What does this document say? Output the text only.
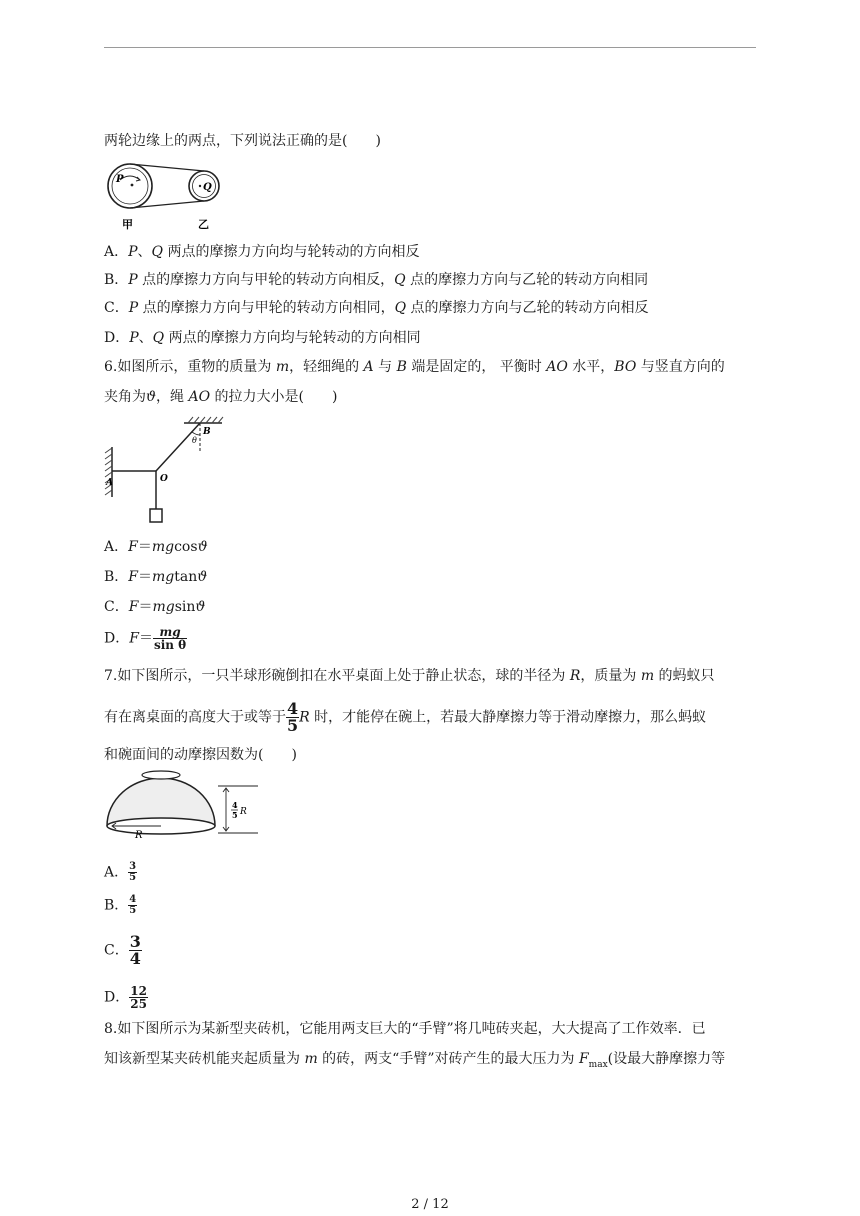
两轮边缘上的两点，下列说法正确的是(　　)
P
Q
甲	乙
A．P、Q 两点的摩擦力方向均与轮转动的方向相反
B．P 点的摩擦力方向与甲轮的转动方向相反，Q 点的摩擦力方向与乙轮的转动方向相同
C．P 点的摩擦力方向与甲轮的转动方向相同，Q 点的摩擦力方向与乙轮的转动方向相反
D．P、Q 两点的摩擦力方向均与轮转动的方向相同
6.如图所示，重物的质量为 m，轻细绳的 A 与 B 端是固定的， 平衡时 AO 水平，BO 与竖直方向的
夹角为ϑ，绳 AO 的拉力大小是(　　)
A	O
B
θ
A．F＝mgcosϑ
B．F＝mgtanϑ
C．F＝mgsinϑ
D．$F= \frac{mg}{\text{sin θ}}$
7.如下图所示，一只半球形碗倒扣在水平桌面上处于静止状态，球的半径为 R，质量为 m 的蚂蚁只
有在离桌面的高度大于或等于 $\frac{4}{5}$ R 时，才能停在碗上，若最大静摩擦力等于滑动摩擦力，那么蚂蚁
和碗面间的动摩擦因数为(　　)
4
5 R
R
A． $\frac{3}{5}$
B． $\frac{4}{5}$
C． $\frac{3}{4}$
D． $\frac{12}{25}$
8.如下图所示为某新型夹砖机，它能用两支巨大的“手臂”将几吨砖夹起，大大提高了工作效率．已
知该新型某夹砖机能夹起质量为 m 的砖，两支“手臂”对砖产生的最大压力为 $F_{max}$(设最大静摩擦力等
2 / 12
